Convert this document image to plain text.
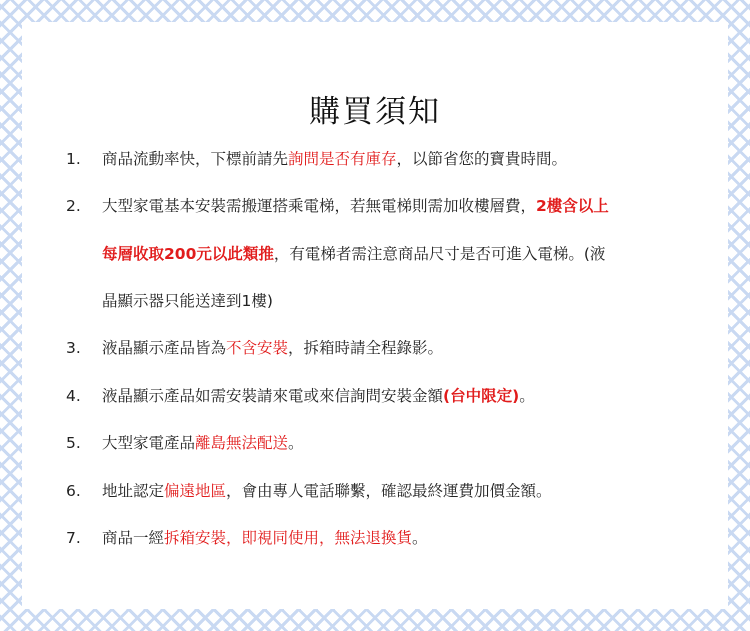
購買須知
1.	商品流動率快，下標前請先詢問是否有庫存，以節省您的寶貴時間。
2.	大型家電基本安裝需搬運搭乘電梯，若無電梯則需加收樓層費，2樓含以上
每層收取200元以此類推，有電梯者需注意商品尺寸是否可進入電梯。(液
晶顯示器只能送達到1樓)
3.	液晶顯示產品皆為不含安裝，拆箱時請全程錄影。
4.	液晶顯示產品如需安裝請來電或來信詢問安裝金額(台中限定)。
5.	大型家電產品離島無法配送。
6.	地址認定偏遠地區，會由專人電話聯繫，確認最終運費加價金額。
7.	商品一經拆箱安裝，即視同使用，無法退換貨。
